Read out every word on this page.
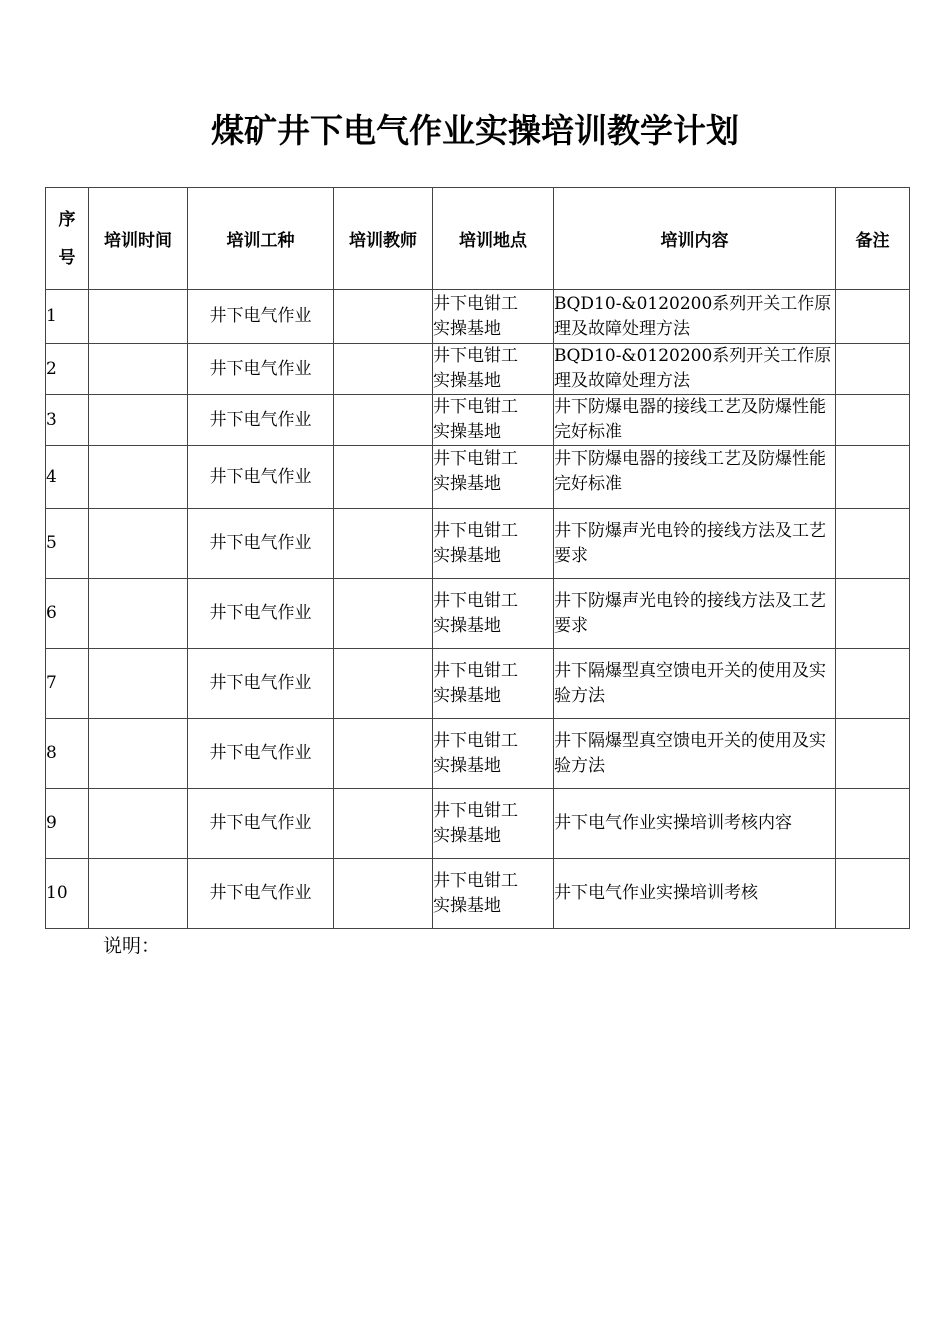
煤矿井下电气作业实操培训教学计划
序
号	培训时间	培训工种	培训教师	培训地点	培训内容	备注
1		井下电气作业		井下电钳工
实操基地	BQD10-&0120200系列开关工作原理及故障处理方法	
2		井下电气作业		井下电钳工
实操基地	BQD10-&0120200系列开关工作原理及故障处理方法	
3		井下电气作业		井下电钳工
实操基地	井下防爆电器的接线工艺及防爆性能完好标准	
4		井下电气作业		井下电钳工
实操基地	井下防爆电器的接线工艺及防爆性能完好标准	
5		井下电气作业		井下电钳工
实操基地	井下防爆声光电铃的接线方法及工艺要求	
6		井下电气作业		井下电钳工
实操基地	井下防爆声光电铃的接线方法及工艺要求	
7		井下电气作业		井下电钳工
实操基地	井下隔爆型真空馈电开关的使用及实验方法	
8		井下电气作业		井下电钳工
实操基地	井下隔爆型真空馈电开关的使用及实验方法	
9		井下电气作业		井下电钳工
实操基地	井下电气作业实操培训考核内容	
10		井下电气作业		井下电钳工
实操基地	井下电气作业实操培训考核	
说明：
